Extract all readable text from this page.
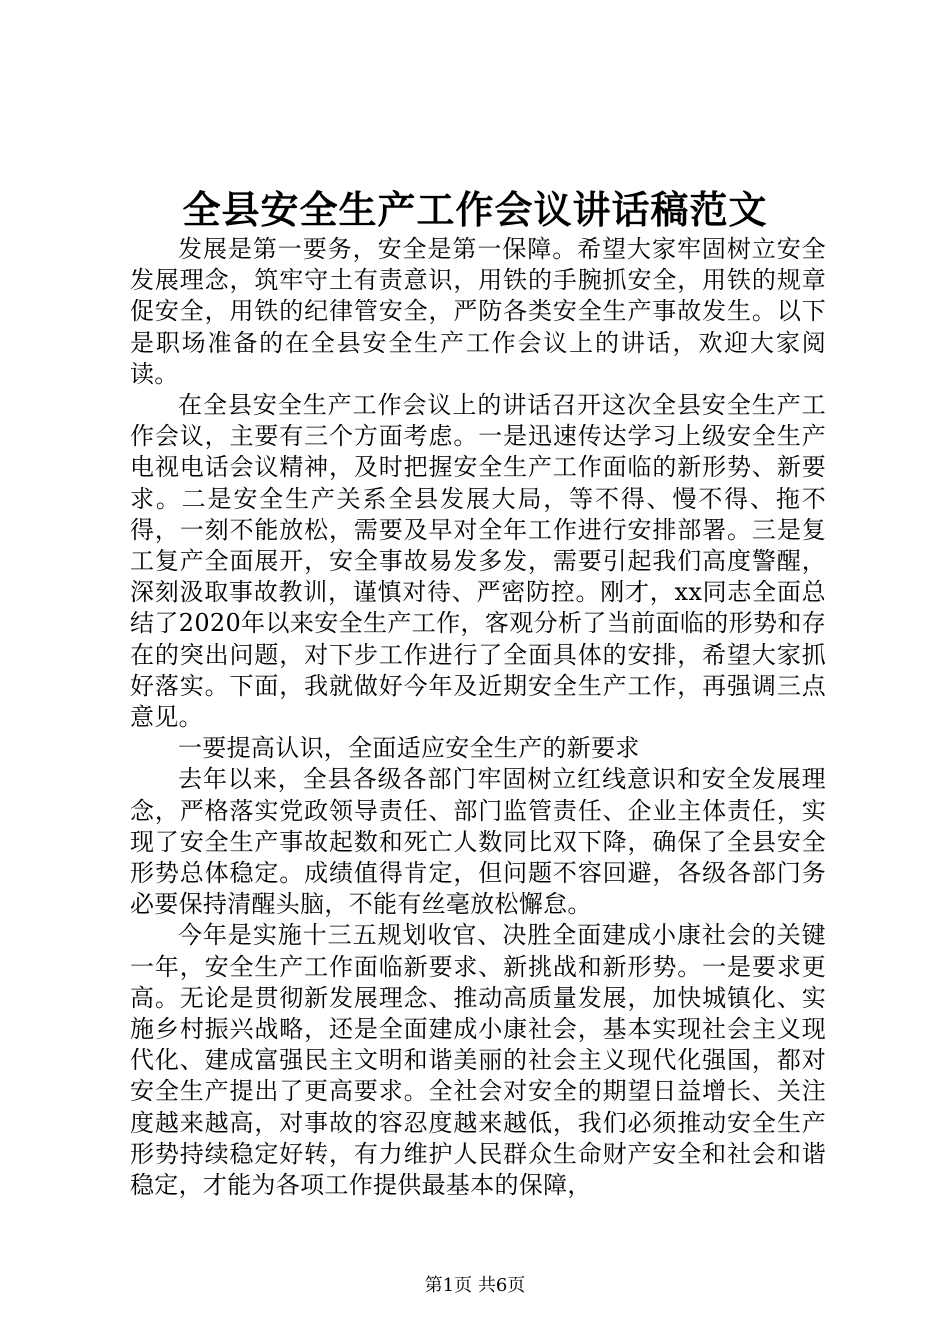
全县安全生产工作会议讲话稿范文

发展是第一要务，安全是第一保障。希望大家牢固树立安全发展理念，筑牢守土有责意识，用铁的手腕抓安全，用铁的规章促安全，用铁的纪律管安全，严防各类安全生产事故发生。以下是职场准备的在全县安全生产工作会议上的讲话，欢迎大家阅读。

在全县安全生产工作会议上的讲话召开这次全县安全生产工作会议，主要有三个方面考虑。一是迅速传达学习上级安全生产电视电话会议精神，及时把握安全生产工作面临的新形势、新要求。二是安全生产关系全县发展大局，等不得、慢不得、拖不得，一刻不能放松，需要及早对全年工作进行安排部署。三是复工复产全面展开，安全事故易发多发，需要引起我们高度警醒，深刻汲取事故教训，谨慎对待、严密防控。刚才，xx同志全面总结了2020年以来安全生产工作，客观分析了当前面临的形势和存在的突出问题，对下步工作进行了全面具体的安排，希望大家抓好落实。下面，我就做好今年及近期安全生产工作，再强调三点意见。

一要提高认识，全面适应安全生产的新要求

去年以来，全县各级各部门牢固树立红线意识和安全发展理念，严格落实党政领导责任、部门监管责任、企业主体责任，实现了安全生产事故起数和死亡人数同比双下降，确保了全县安全形势总体稳定。成绩值得肯定，但问题不容回避，各级各部门务必要保持清醒头脑，不能有丝毫放松懈怠。

今年是实施十三五规划收官、决胜全面建成小康社会的关键一年，安全生产工作面临新要求、新挑战和新形势。一是要求更高。无论是贯彻新发展理念、推动高质量发展，加快城镇化、实施乡村振兴战略，还是全面建成小康社会，基本实现社会主义现代化、建成富强民主文明和谐美丽的社会主义现代化强国，都对安全生产提出了更高要求。全社会对安全的期望日益增长、关注度越来越高，对事故的容忍度越来越低，我们必须推动安全生产形势持续稳定好转，有力维护人民群众生命财产安全和社会和谐稳定，才能为各项工作提供最基本的保障，

第1页 共6页
